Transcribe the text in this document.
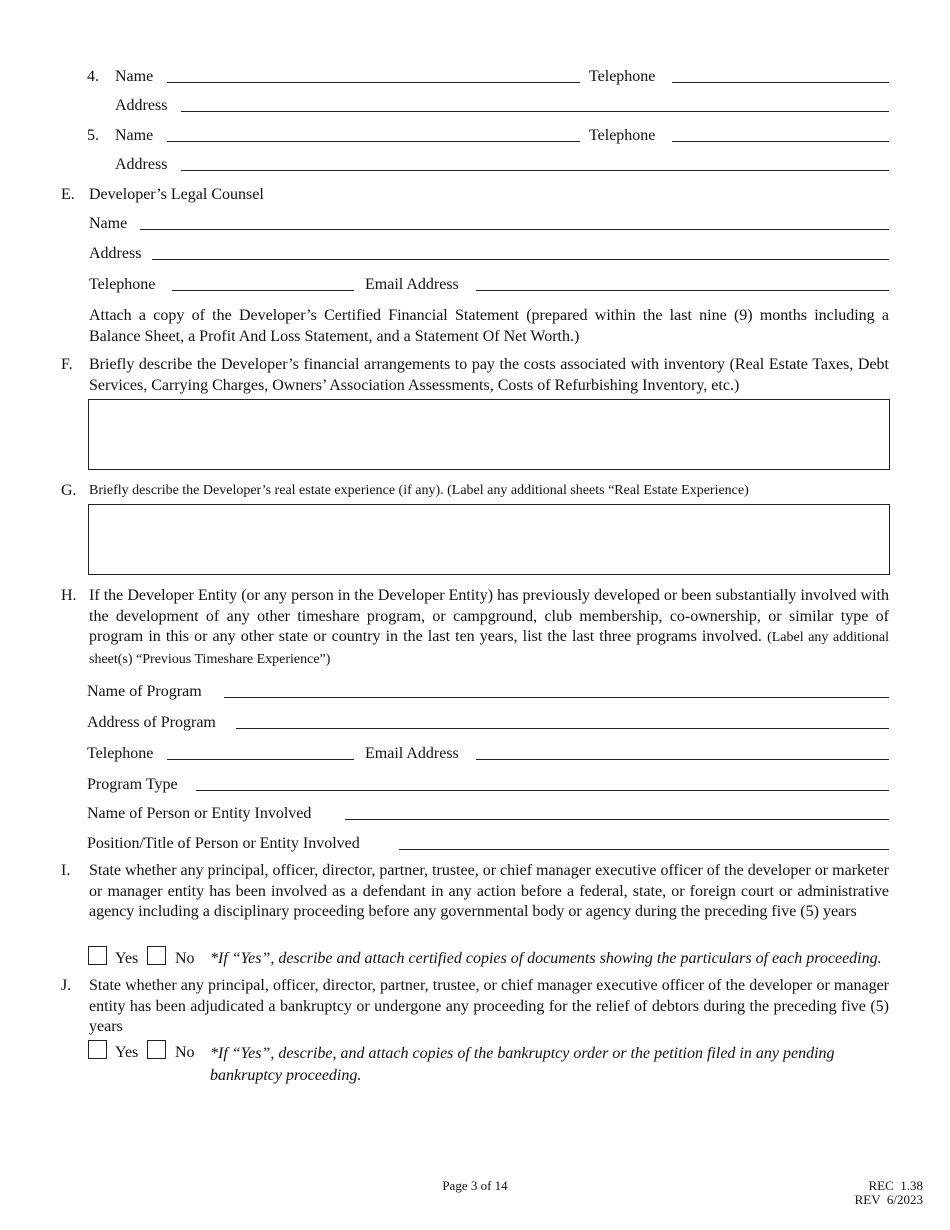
4. Name	Telephone
Address
5. Name	Telephone
Address
E. Developer’s Legal Counsel
Name
Address
Telephone	Email Address
Attach a copy of the Developer’s Certified Financial Statement (prepared within the last nine (9) months including a Balance Sheet, a Profit And Loss Statement, and a Statement Of Net Worth.)
F. Briefly describe the Developer’s financial arrangements to pay the costs associated with inventory (Real Estate Taxes, Debt Services, Carrying Charges, Owners’ Association Assessments, Costs of Refurbishing Inventory, etc.)
G. Briefly describe the Developer’s real estate experience (if any). (Label any additional sheets “Real Estate Experience)
H. If the Developer Entity (or any person in the Developer Entity) has previously developed or been substantially involved with the development of any other timeshare program, or campground, club membership, co-ownership, or similar type of program in this or any other state or country in the last ten years, list the last three programs involved. (Label any additional sheet(s) “Previous Timeshare Experience”)
Name of Program
Address of Program
Telephone	Email Address
Program Type
Name of Person or Entity Involved
Position/Title of Person or Entity Involved
I. State whether any principal, officer, director, partner, trustee, or chief manager executive officer of the developer or marketer or manager entity has been involved as a defendant in any action before a federal, state, or foreign court or administrative agency including a disciplinary proceeding before any governmental body or agency during the preceding five (5) years
Yes No *If “Yes”, describe and attach certified copies of documents showing the particulars of each proceeding.
J. State whether any principal, officer, director, partner, trustee, or chief manager executive officer of the developer or manager entity has been adjudicated a bankruptcy or undergone any proceeding for the relief of debtors during the preceding five (5) years
Yes No *If “Yes”, describe, and attach copies of the bankruptcy order or the petition filed in any pending bankruptcy proceeding.
Page 3 of 14	REC  1.38
REV  6/2023
